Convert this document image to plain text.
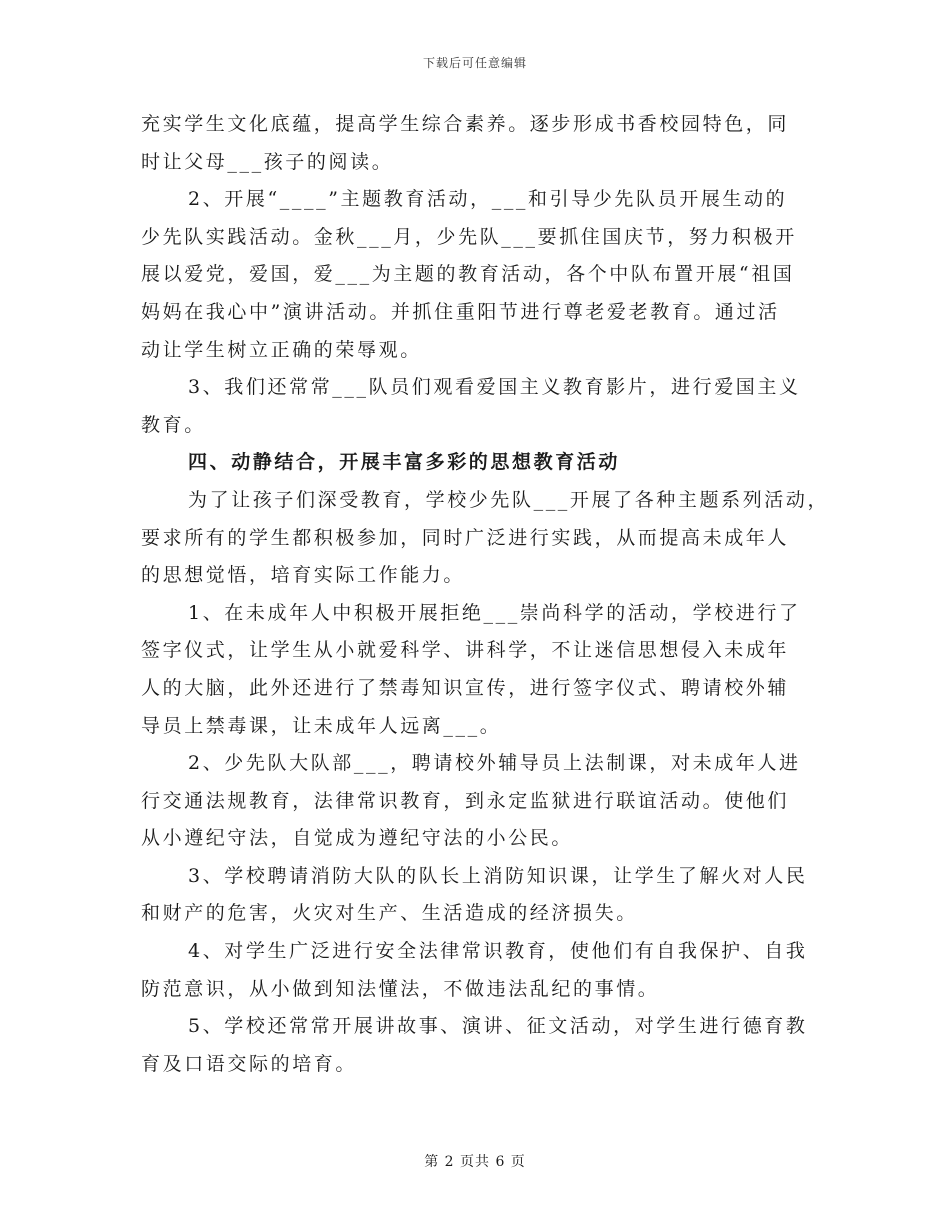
下载后可任意编辑
充实学生文化底蕴，提高学生综合素养。逐步形成书香校园特色，同
时让父母___孩子的阅读。
2、开展“____”主题教育活动，___和引导少先队员开展生动的
少先队实践活动。金秋___月，少先队___要抓住国庆节，努力积极开
展以爱党，爱国，爱___为主题的教育活动，各个中队布置开展“祖国
妈妈在我心中”演讲活动。并抓住重阳节进行尊老爱老教育。通过活
动让学生树立正确的荣辱观。
3、我们还常常___队员们观看爱国主义教育影片，进行爱国主义
教育。
四、动静结合，开展丰富多彩的思想教育活动
为了让孩子们深受教育，学校少先队___开展了各种主题系列活动，
要求所有的学生都积极参加，同时广泛进行实践，从而提高未成年人
的思想觉悟，培育实际工作能力。
1、在未成年人中积极开展拒绝___崇尚科学的活动，学校进行了
签字仪式，让学生从小就爱科学、讲科学，不让迷信思想侵入未成年
人的大脑，此外还进行了禁毒知识宣传，进行签字仪式、聘请校外辅
导员上禁毒课，让未成年人远离___。
2、少先队大队部___，聘请校外辅导员上法制课，对未成年人进
行交通法规教育，法律常识教育，到永定监狱进行联谊活动。使他们
从小遵纪守法，自觉成为遵纪守法的小公民。
3、学校聘请消防大队的队长上消防知识课，让学生了解火对人民
和财产的危害，火灾对生产、生活造成的经济损失。
4、对学生广泛进行安全法律常识教育，使他们有自我保护、自我
防范意识，从小做到知法懂法，不做违法乱纪的事情。
5、学校还常常开展讲故事、演讲、征文活动，对学生进行德育教
育及口语交际的培育。
第 2 页共 6 页
